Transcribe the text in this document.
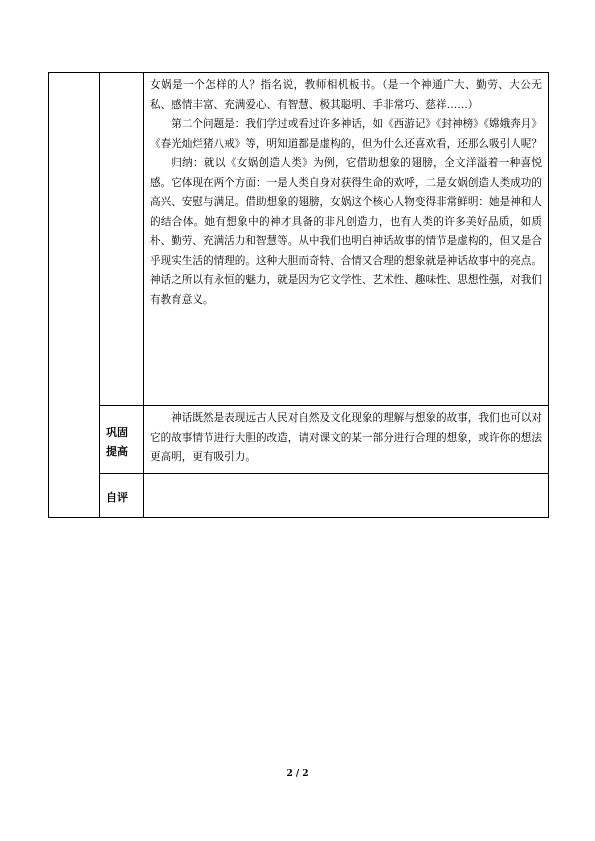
		女娲是一个怎样的人？指名说，教师相机板书。（是一个神通广大、勤劳、大公无私、感情丰富、充满爱心、有智慧、极其聪明、手非常巧、慈祥……）

第二个问题是：我们学过或看过许多神话，如《西游记》《封神榜》《嫦娥奔月》《春光灿烂猪八戒》等，明知道都是虚构的，但为什么还喜欢看，还那么吸引人呢？

归纳：就以《女娲创造人类》为例，它借助想象的翅膀，全文洋溢着一种喜悦感。它体现在两个方面：一是人类自身对获得生命的欢呼，二是女娲创造人类成功的高兴、安慰与满足。借助想象的翅膀，女娲这个核心人物变得非常鲜明：她是神和人的结合体。她有想象中的神才具备的非凡创造力，也有人类的许多美好品质，如质朴、勤劳、充满活力和智慧等。从中我们也明白神话故事的情节是虚构的，但又是合乎现实生活的情理的。这种大胆而奇特、合情又合理的想象就是神话故事中的亮点。神话之所以有永恒的魅力，就是因为它文学性、艺术性、趣味性、思想性强，对我们有教育意义。

	巩固提高	神话既然是表现远古人民对自然及文化现象的理解与想象的故事，我们也可以对它的故事情节进行大胆的改造，请对课文的某一部分进行合理的想象，或许你的想法更高明，更有吸引力。

	自评	

2 / 2
